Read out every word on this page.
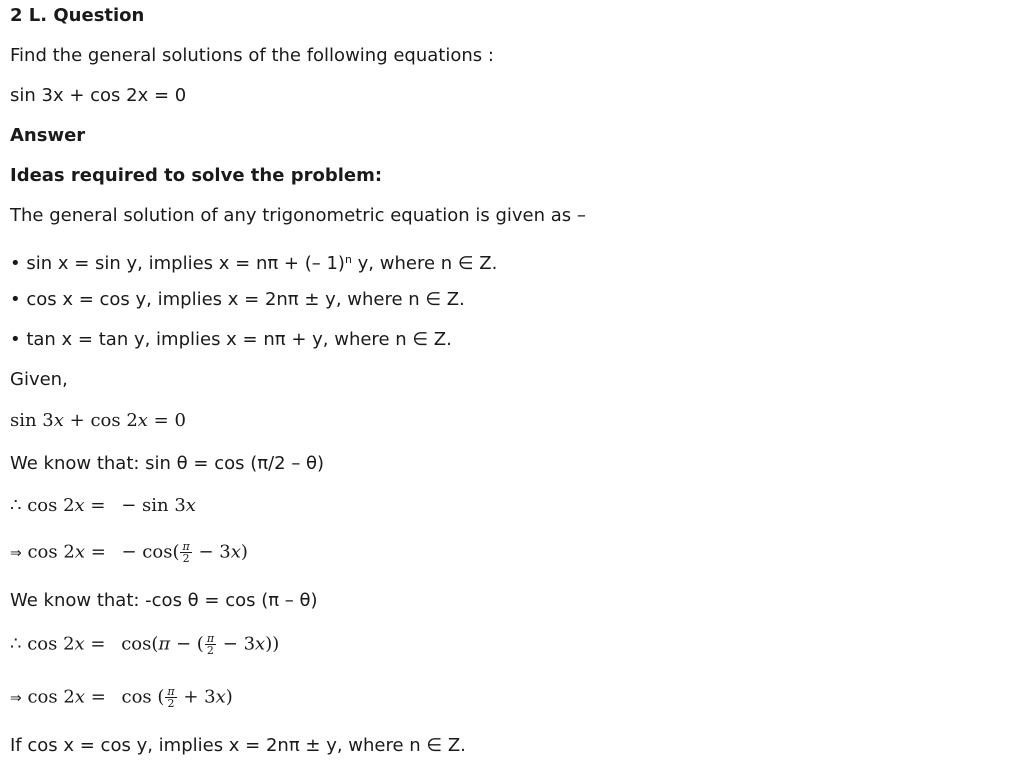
2 L. Question
Find the general solutions of the following equations :
sin 3x + cos 2x = 0
Answer
Ideas required to solve the problem:
The general solution of any trigonometric equation is given as –
• sin x = sin y, implies x = nπ + (– 1)$^n$ y, where n ∈ Z.
• cos x = cos y, implies x = 2nπ ± y, where n ∈ Z.
• tan x = tan y, implies x = nπ + y, where n ∈ Z.
Given,
sin 3x + cos 2x = 0
We know that: sin θ = cos (π/2 – θ)
∴ cos 2x = − sin 3x
⇒ cos 2x = − $\cos( \frac{\pi}{2} - 3x)$
We know that: -cos θ = cos (π – θ)
∴ cos 2x = cos(π − ( $\frac{\pi}{2} - 3x$))
⇒ cos 2x = cos ( $\frac{\pi}{2} + 3x$)
If cos x = cos y, implies x = 2nπ ± y, where n ∈ Z.
